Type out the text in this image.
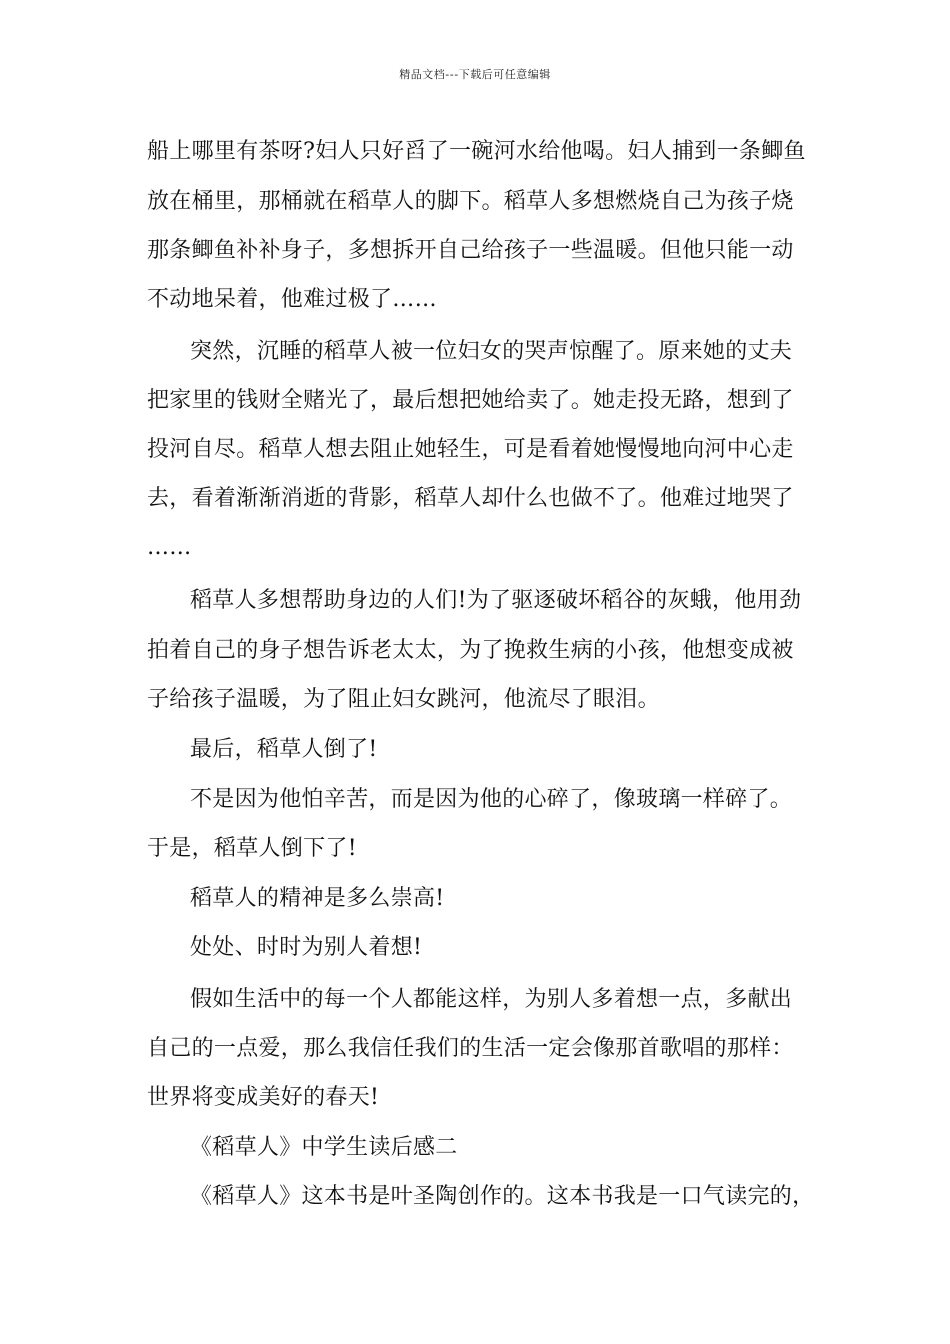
精品文档---下载后可任意编辑
船上哪里有茶呀?妇人只好舀了一碗河水给他喝。妇人捕到一条鲫鱼
放在桶里，那桶就在稻草人的脚下。稻草人多想燃烧自己为孩子烧
那条鲫鱼补补身子，多想拆开自己给孩子一些温暖。但他只能一动
不动地呆着，他难过极了……
突然，沉睡的稻草人被一位妇女的哭声惊醒了。原来她的丈夫
把家里的钱财全赌光了，最后想把她给卖了。她走投无路，想到了
投河自尽。稻草人想去阻止她轻生，可是看着她慢慢地向河中心走
去，看着渐渐消逝的背影，稻草人却什么也做不了。他难过地哭了
……
稻草人多想帮助身边的人们!为了驱逐破坏稻谷的灰蛾，他用劲
拍着自己的身子想告诉老太太，为了挽救生病的小孩，他想变成被
子给孩子温暖，为了阻止妇女跳河，他流尽了眼泪。
最后，稻草人倒了!
不是因为他怕辛苦，而是因为他的心碎了，像玻璃一样碎了。
于是，稻草人倒下了!
稻草人的精神是多么崇高!
处处、时时为别人着想!
假如生活中的每一个人都能这样，为别人多着想一点，多献出
自己的一点爱，那么我信任我们的生活一定会像那首歌唱的那样：
世界将变成美好的春天!
《稻草人》中学生读后感二
《稻草人》这本书是叶圣陶创作的。这本书我是一口气读完的，
